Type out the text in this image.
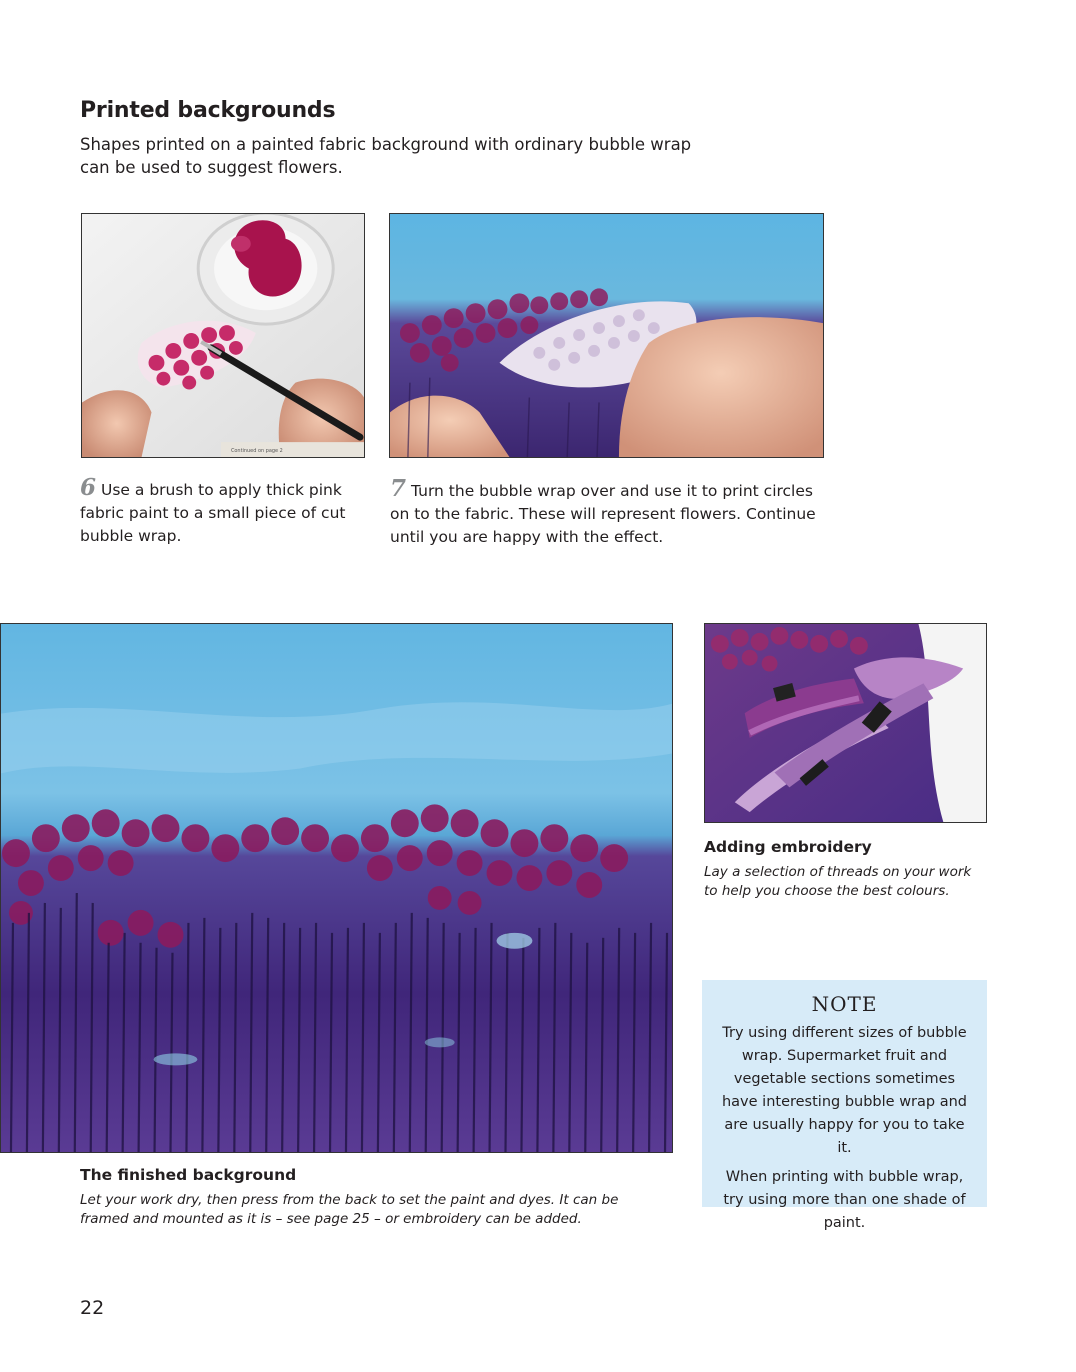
Printed backgrounds

Shapes printed on a painted fabric background with ordinary bubble wrap can be used to suggest flowers.

Continued on page 2

6 Use a brush to apply thick pink fabric paint to a small piece of cut bubble wrap.

7 Turn the bubble wrap over and use it to print circles on to the fabric. These will represent flowers. Continue until you are happy with the effect.

The finished background

Let your work dry, then press from the back to set the paint and dyes. It can be framed and mounted as it is – see page 25 – or embroidery can be added.

Adding embroidery

Lay a selection of threads on your work to help you choose the best colours.

NOTE

Try using different sizes of bubble wrap. Supermarket fruit and vegetable sections sometimes have interesting bubble wrap and are usually happy for you to take it.

When printing with bubble wrap, try using more than one shade of paint.

22
